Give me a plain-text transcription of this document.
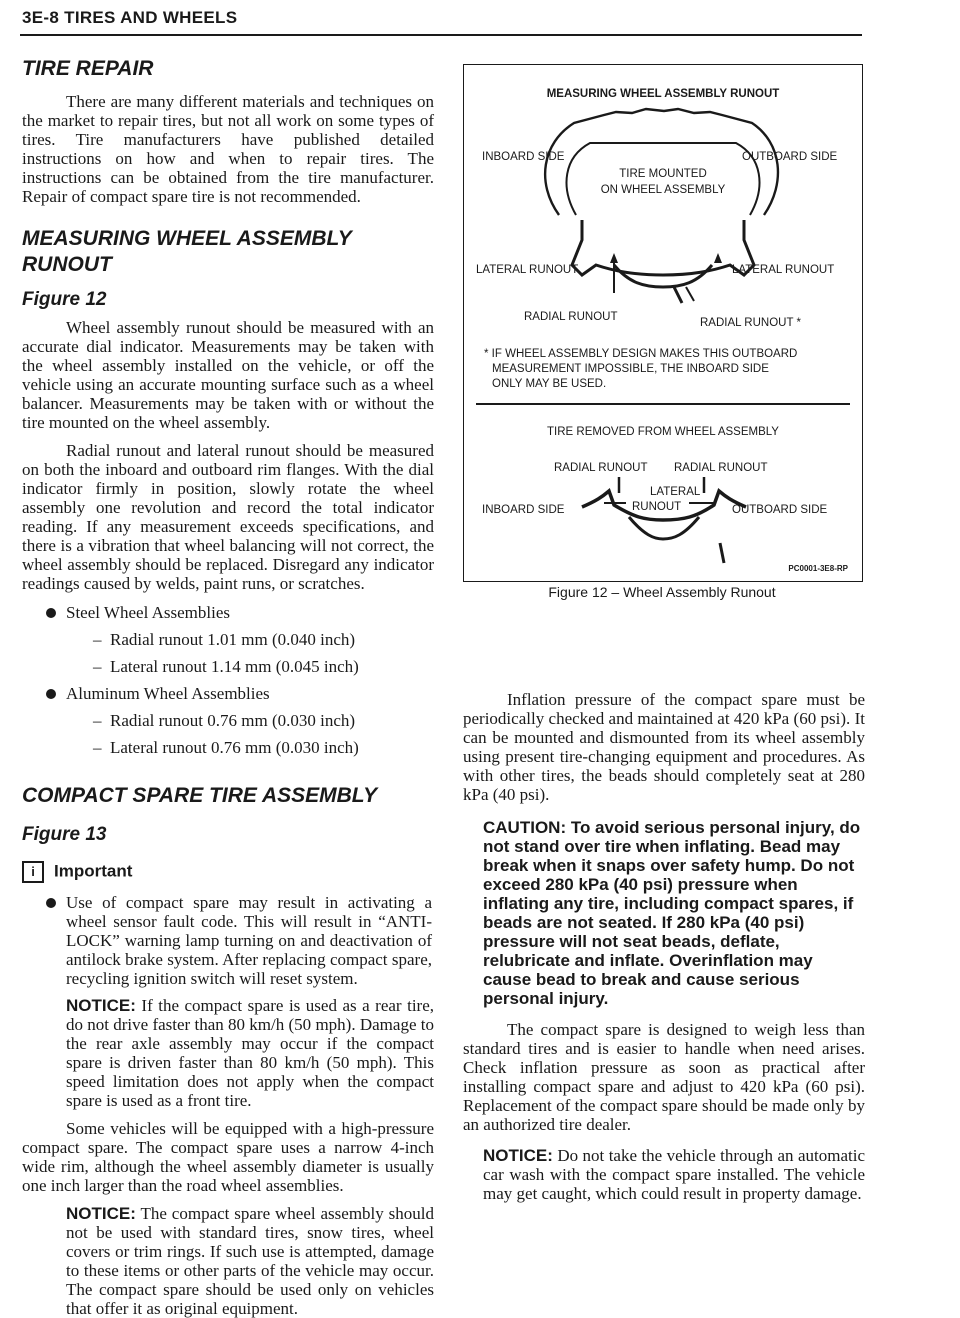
3E-8 TIRES AND WHEELS
TIRE REPAIR

There are many different materials and techniques on the market to repair tires, but not all work on some types of tires. Tire manufacturers have published detailed instructions on how and when to repair tires. The instructions can be obtained from the tire manufacturer. Repair of compact spare tire is not recommended.

MEASURING WHEEL ASSEMBLY RUNOUT
Figure 12

Wheel assembly runout should be measured with an accurate dial indicator. Measurements may be taken with the wheel assembly installed on the vehicle, or off the vehicle using an accurate mounting surface such as a wheel balancer. Measurements may be taken with or without the tire mounted on the wheel assembly.

Radial runout and lateral runout should be measured on both the inboard and outboard rim flanges. With the dial indicator firmly in position, slowly rotate the wheel assembly one revolution and record the total indicator reading. If any measurement exceeds specifications, and there is a vibration that wheel balancing will not correct, the wheel assembly should be replaced. Disregard any indicator readings caused by welds, paint runs, or scratches.

Steel Wheel Assemblies
– Radial runout 1.01 mm (0.040 inch)
– Lateral runout 1.14 mm (0.045 inch)
Aluminum Wheel Assemblies
– Radial runout 0.76 mm (0.030 inch)
– Lateral runout 0.76 mm (0.030 inch)
COMPACT SPARE TIRE ASSEMBLY
Figure 13
i Important
Use of compact spare may result in activating a wheel sensor fault code. This will result in “ANTI-LOCK” warning lamp turning on and deactivation of antilock brake system. After replacing compact spare, recycling ignition switch will reset system.

NOTICE: If the compact spare is used as a rear tire, do not drive faster than 80 km/h (50 mph). Damage to the rear axle assembly may occur if the compact spare is driven faster than 80 km/h (50 mph). This speed limitation does not apply when the compact spare is used as a front tire.

Some vehicles will be equipped with a high-pressure compact spare. The compact spare uses a narrow 4-inch wide rim, although the wheel assembly diameter is usually one inch larger than the road wheel assemblies.

NOTICE: The compact spare wheel assembly should not be used with standard tires, snow tires, wheel covers or trim rings. If such use is attempted, damage to these items or other parts of the vehicle may occur. The compact spare should be used only on vehicles that offer it as original equipment.

MEASURING WHEEL ASSEMBLY RUNOUT
INBOARD SIDE	OUTBOARD SIDE
TIRE MOUNTED
ON WHEEL ASSEMBLY
LATERAL RUNOUT	LATERAL RUNOUT
RADIAL RUNOUT	RADIAL RUNOUT *
* IF WHEEL ASSEMBLY DESIGN MAKES THIS OUTBOARD
MEASUREMENT IMPOSSIBLE, THE INBOARD SIDE
ONLY MAY BE USED.
TIRE REMOVED FROM WHEEL ASSEMBLY
RADIAL RUNOUT RADIAL RUNOUT
LATERAL
RUNOUT
INBOARD SIDE	OUTBOARD SIDE
PC0001-3E8-RP
Figure 12 – Wheel Assembly Runout

Inflation pressure of the compact spare must be periodically checked and maintained at 420 kPa (60 psi). It can be mounted and dismounted from its wheel assembly using present tire-changing equipment and procedures. As with other tires, the beads should completely seat at 280 kPa (40 psi).

CAUTION: To avoid serious personal injury, do not stand over tire when inflating. Bead may break when it snaps over safety hump. Do not exceed 280 kPa (40 psi) pressure when inflating any tire, including compact spares, if beads are not seated. If 280 kPa (40 psi) pressure will not seat beads, deflate, relubricate and inflate. Overinflation may cause bead to break and cause serious personal injury.

The compact spare is designed to weigh less than standard tires and is easier to handle when need arises. Check inflation pressure as soon as practical after installing compact spare and adjust to 420 kPa (60 psi). Replacement of the compact spare should be made only by an authorized tire dealer.

NOTICE: Do not take the vehicle through an automatic car wash with the compact spare installed. The vehicle may get caught, which could result in property damage.
